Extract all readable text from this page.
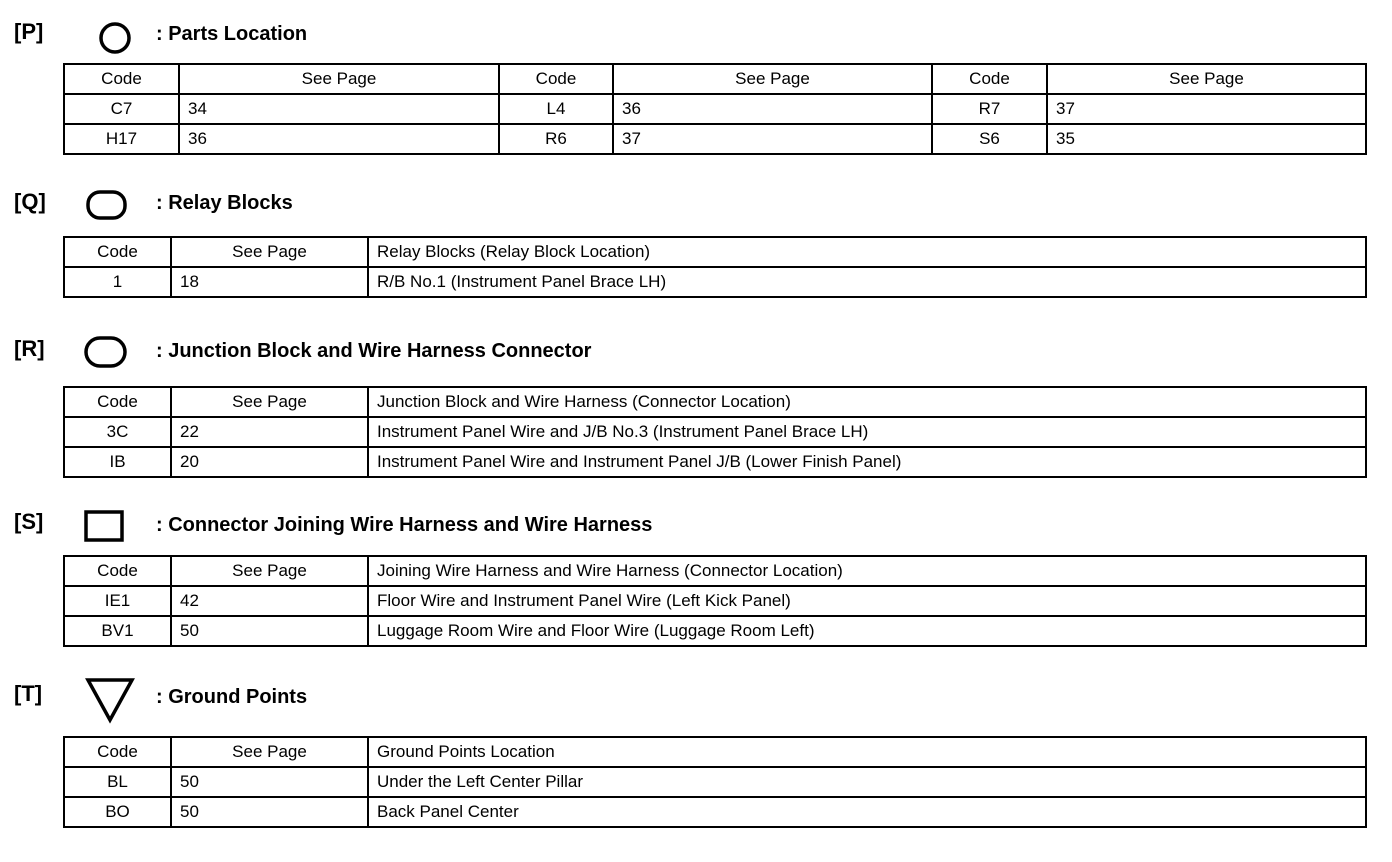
[P]	: Parts Location
Code	See Page	Code	See Page	Code	See Page
C7	34	L4	36	R7	37
H17	36	R6	37	S6	35
[Q]	: Relay Blocks
Code	See Page	Relay Blocks (Relay Block Location)
1	18	R/B No.1 (Instrument Panel Brace LH)
[R]	: Junction Block and Wire Harness Connector
Code	See Page	Junction Block and Wire Harness (Connector Location)
3C	22	Instrument Panel Wire and J/B No.3 (Instrument Panel Brace LH)
IB	20	Instrument Panel Wire and Instrument Panel J/B (Lower Finish Panel)
[S]	: Connector Joining Wire Harness and Wire Harness
Code	See Page	Joining Wire Harness and Wire Harness (Connector Location)
IE1	42	Floor Wire and Instrument Panel Wire (Left Kick Panel)
BV1	50	Luggage Room Wire and Floor Wire (Luggage Room Left)
[T]	: Ground Points
Code	See Page	Ground Points Location
BL	50	Under the Left Center Pillar
BO	50	Back Panel Center
